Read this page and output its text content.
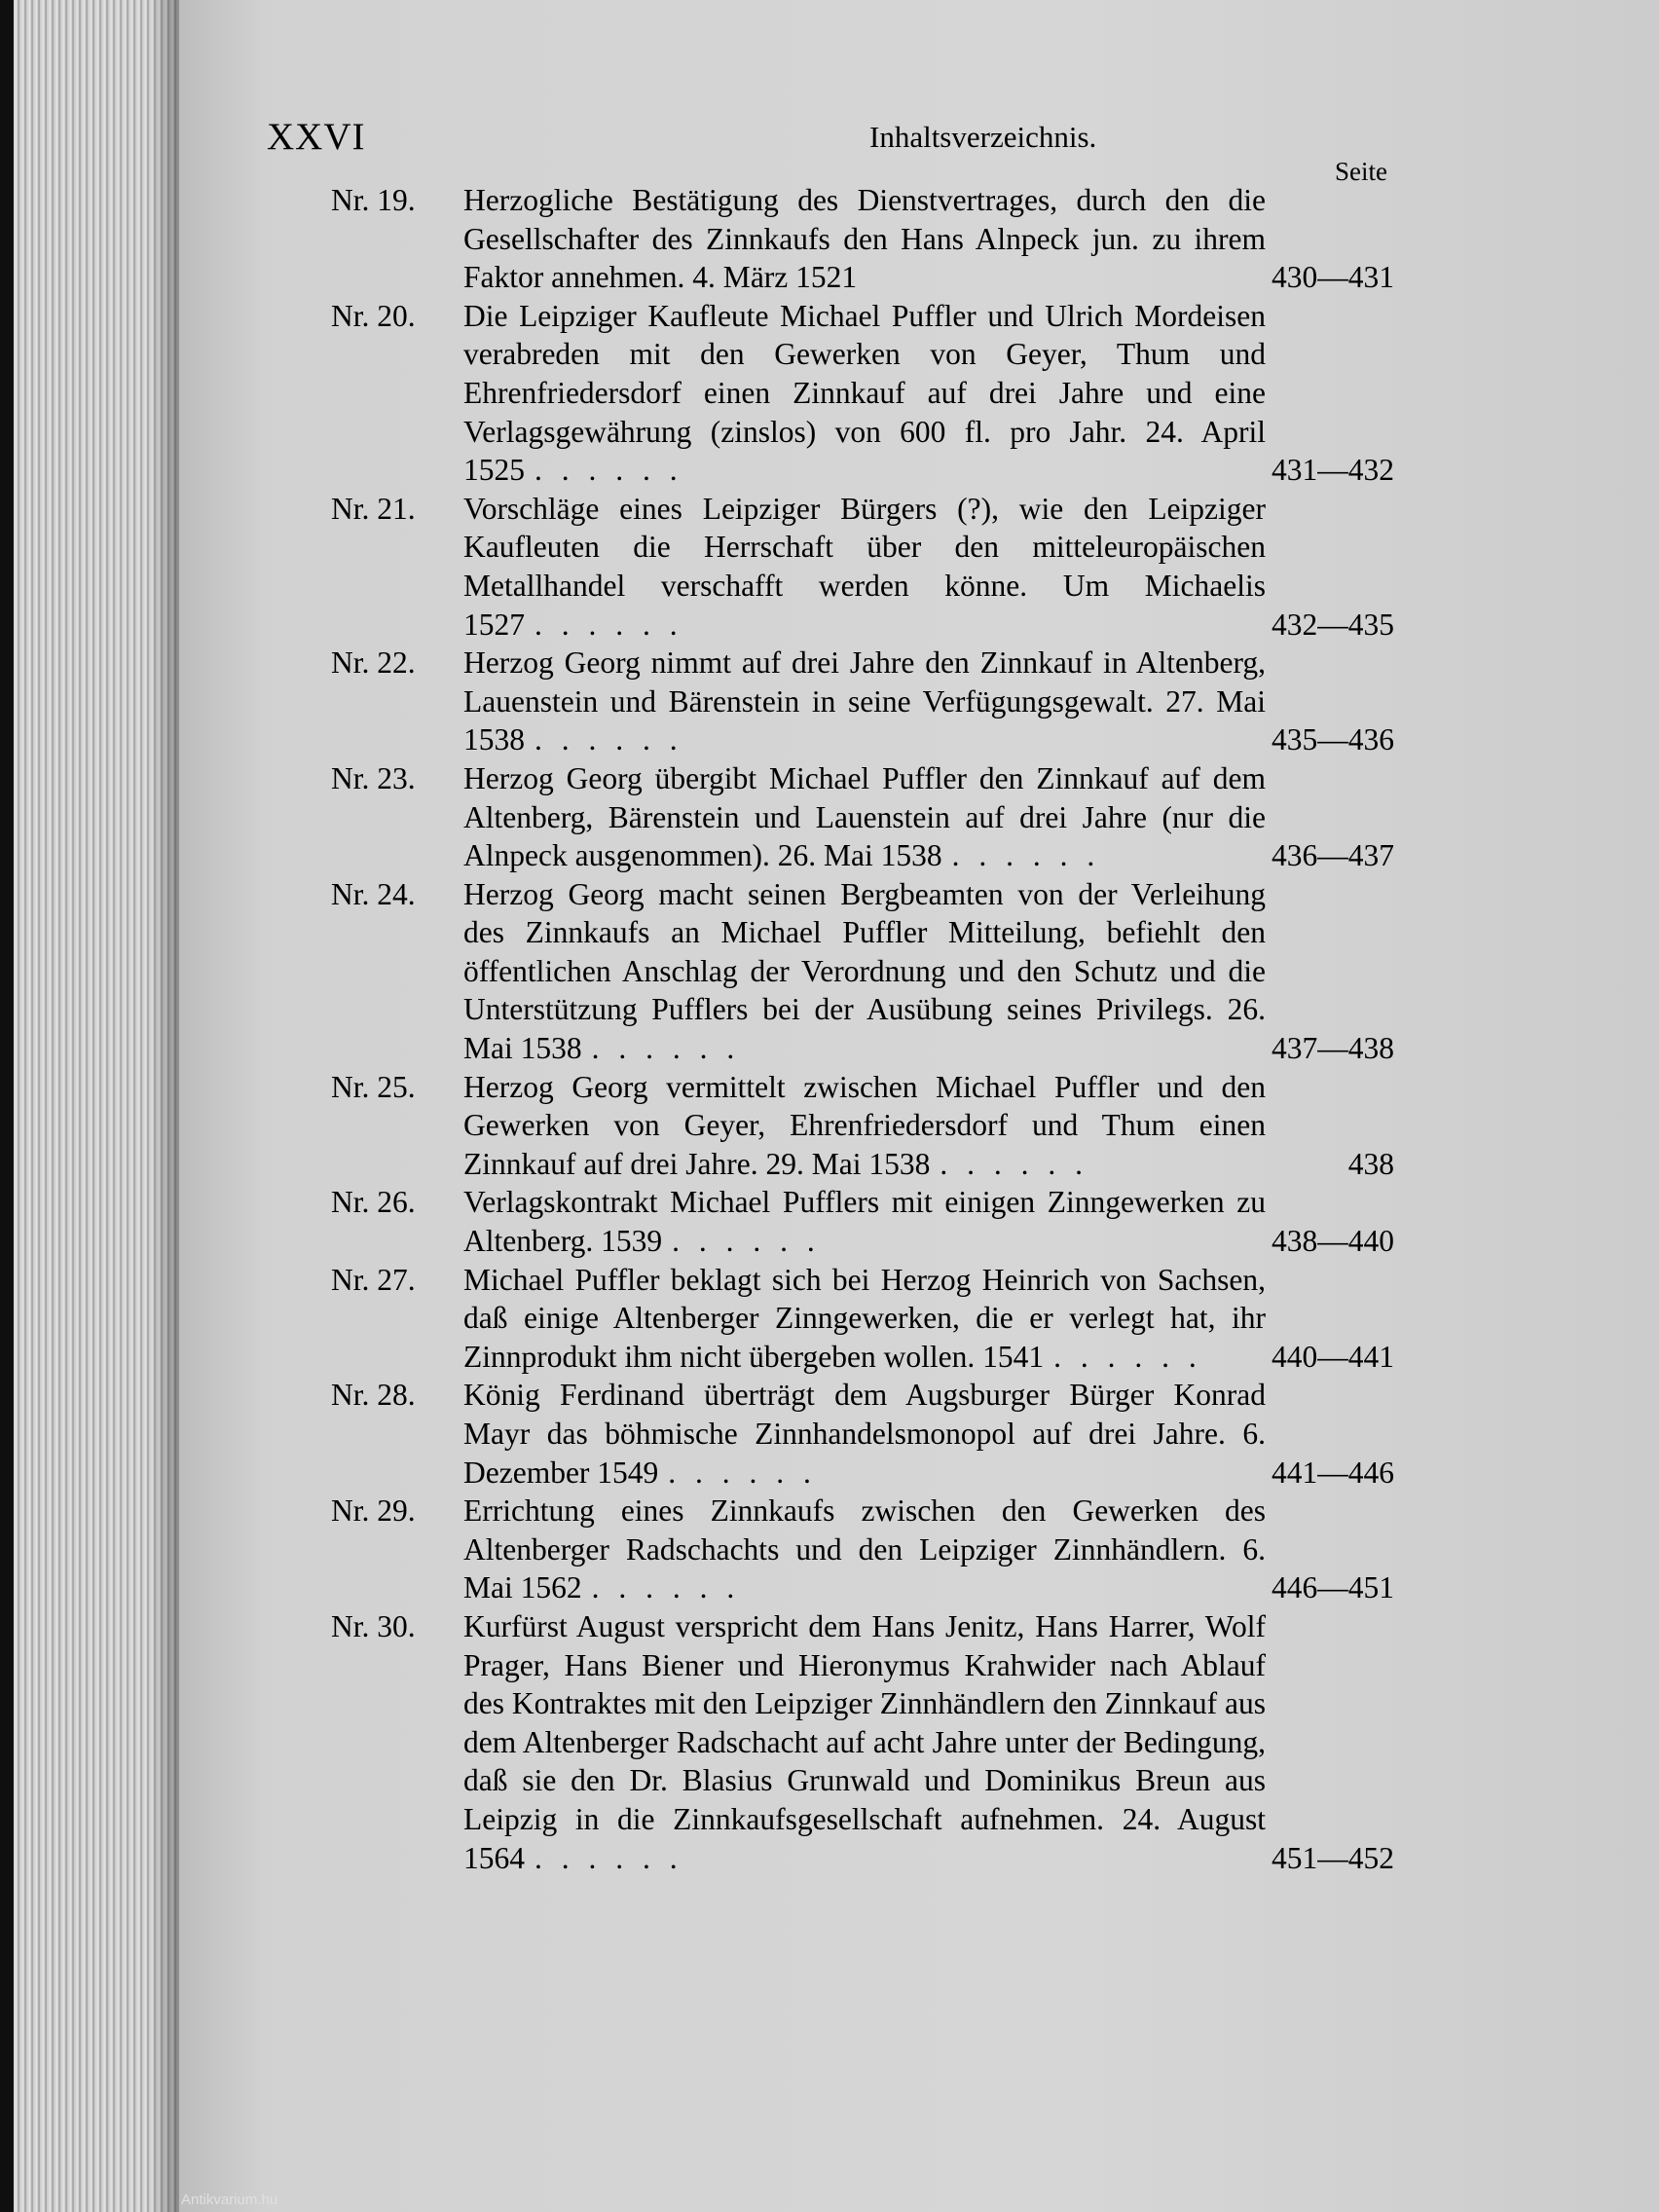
Antikvarium.hu
XXVI	Inhaltsverzeichnis.
Seite
Nr. 19.	Herzogliche Bestätigung des Dienstvertrages, durch den die Gesellschafter des Zinnkaufs den Hans Alnpeck jun. zu ihrem Faktor annehmen. 4. März 1521	430—431
Nr. 20.	Die Leipziger Kaufleute Michael Puffler und Ulrich Mordeisen verabreden mit den Gewerken von Geyer, Thum und Ehrenfriedersdorf einen Zinnkauf auf drei Jahre und eine Verlagsgewährung (zinslos) von 600 fl. pro Jahr. 24. April 1525 . . . . . .	431—432
Nr. 21.	Vorschläge eines Leipziger Bürgers (?), wie den Leipziger Kaufleuten die Herrschaft über den mitteleuropäischen Metallhandel verschafft werden könne. Um Michaelis 1527 . . . . . .	432—435
Nr. 22.	Herzog Georg nimmt auf drei Jahre den Zinnkauf in Altenberg, Lauenstein und Bärenstein in seine Verfügungsgewalt. 27. Mai 1538 . . . . . .	435—436
Nr. 23.	Herzog Georg übergibt Michael Puffler den Zinnkauf auf dem Altenberg, Bärenstein und Lauenstein auf drei Jahre (nur die Alnpeck ausgenommen). 26. Mai 1538 . . . . . .	436—437
Nr. 24.	Herzog Georg macht seinen Bergbeamten von der Verleihung des Zinnkaufs an Michael Puffler Mitteilung, befiehlt den öffentlichen Anschlag der Verordnung und den Schutz und die Unterstützung Pufflers bei der Ausübung seines Privilegs. 26. Mai 1538 . . . . . .	437—438
Nr. 25.	Herzog Georg vermittelt zwischen Michael Puffler und den Gewerken von Geyer, Ehrenfriedersdorf und Thum einen Zinnkauf auf drei Jahre. 29. Mai 1538 . . . . . .	438
Nr. 26.	Verlagskontrakt Michael Pufflers mit einigen Zinngewerken zu Altenberg. 1539 . . . . . .	438—440
Nr. 27.	Michael Puffler beklagt sich bei Herzog Heinrich von Sachsen, daß einige Altenberger Zinngewerken, die er verlegt hat, ihr Zinnprodukt ihm nicht übergeben wollen. 1541 . . . . . .	440—441
Nr. 28.	König Ferdinand überträgt dem Augsburger Bürger Konrad Mayr das böhmische Zinnhandelsmonopol auf drei Jahre. 6. Dezember 1549 . . . . . .	441—446
Nr. 29.	Errichtung eines Zinnkaufs zwischen den Gewerken des Altenberger Radschachts und den Leipziger Zinnhändlern. 6. Mai 1562 . . . . . .	446—451
Nr. 30.	Kurfürst August verspricht dem Hans Jenitz, Hans Harrer, Wolf Prager, Hans Biener und Hieronymus Krahwider nach Ablauf des Kontraktes mit den Leipziger Zinnhändlern den Zinnkauf aus dem Altenberger Radschacht auf acht Jahre unter der Bedingung, daß sie den Dr. Blasius Grunwald und Dominikus Breun aus Leipzig in die Zinnkaufsgesellschaft aufnehmen. 24. August 1564 . . . . . .	451—452
